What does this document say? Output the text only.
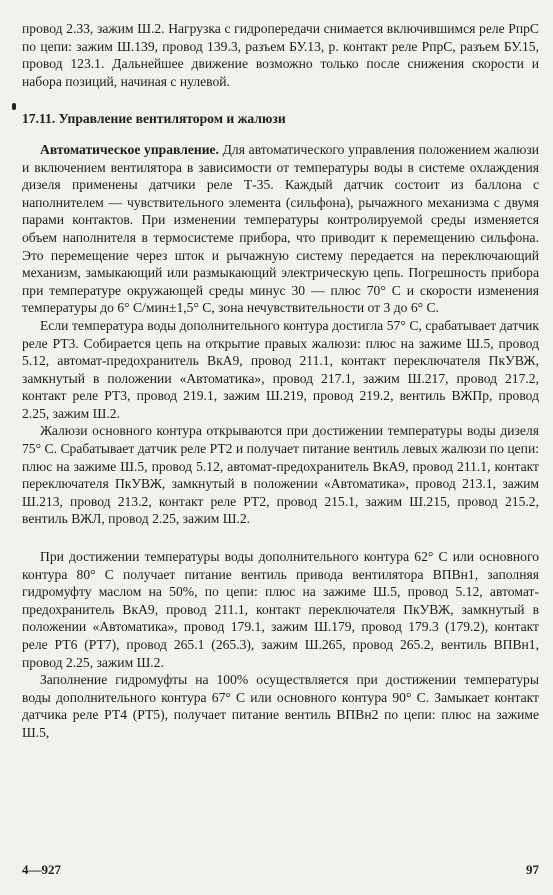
провод 2.33, зажим Ш.2. Нагрузка с гидропередачи снимается включившимся реле РпрС по цепи: зажим Ш.139, провод 139.3, разъем БУ.13, р. контакт реле РпрС, разъем БУ.15, провод 123.1. Дальнейшее движение возможно только после снижения скорости и набора позиций, начиная с нулевой.

17.11. Управление вентилятором и жалюзи

Автоматическое управление. Для автоматического управления положением жалюзи и включением вентилятора в зависимости от температуры воды в системе охлаждения дизеля применены датчики реле Т-35. Каждый датчик состоит из баллона с наполнителем — чувствительного элемента (сильфона), рычажного механизма с двумя парами контактов. При изменении температуры контролируемой среды изменяется объем наполнителя в термосистеме прибора, что приводит к перемещению сильфона. Это перемещение через шток и рычажную систему передается на переключающий механизм, замыкающий или размыкающий электрическую цепь. Погрешность прибора при температуре окружающей среды минус 30 — плюс 70° С и скорости изменения температуры до 6° С/мин±1,5° С, зона нечувствительности от 3 до 6° С.

Если температура воды дополнительного контура достигла 57° С, срабатывает датчик реле РТ3. Собирается цепь на открытие правых жалюзи: плюс на зажиме Ш.5, провод 5.12, автомат-предохранитель ВкА9, провод 211.1, контакт переключателя ПкУВЖ, замкнутый в положении «Автоматика», провод 217.1, зажим Ш.217, провод 217.2, контакт реле РТ3, провод 219.1, зажим Ш.219, провод 219.2, вентиль ВЖПр, провод 2.25, зажим Ш.2.

Жалюзи основного контура открываются при достижении температуры воды дизеля 75° С. Срабатывает датчик реле РТ2 и получает питание вентиль левых жалюзи по цепи: плюс на зажиме Ш.5, провод 5.12, автомат-предохранитель ВкА9, провод 211.1, контакт переключателя ПкУВЖ, замкнутый в положении «Автоматика», провод 213.1, зажим Ш.213, провод 213.2, контакт реле РТ2, провод 215.1, зажим Ш.215, провод 215.2, вентиль ВЖЛ, провод 2.25, зажим Ш.2.

При достижении температуры воды дополнительного контура 62° С или основного контура 80° С получает питание вентиль привода вентилятора ВПВн1, заполняя гидромуфту маслом на 50%, по цепи: плюс на зажиме Ш.5, провод 5.12, автомат-предохранитель ВкА9, провод 211.1, контакт переключателя ПкУВЖ, замкнутый в положении «Автоматика», провод 179.1, зажим Ш.179, провод 179.3 (179.2), контакт реле РТ6 (РТ7), провод 265.1 (265.3), зажим Ш.265, провод 265.2, вентиль ВПВн1, провод 2.25, зажим Ш.2.

Заполнение гидромуфты на 100% осуществляется при достижении температуры воды дополнительного контура 67° С или основного контура 90° С. Замыкает контакт датчика реле РТ4 (РТ5), получает питание вентиль ВПВн2 по цепи: плюс на зажиме Ш.5,

4—927	97
